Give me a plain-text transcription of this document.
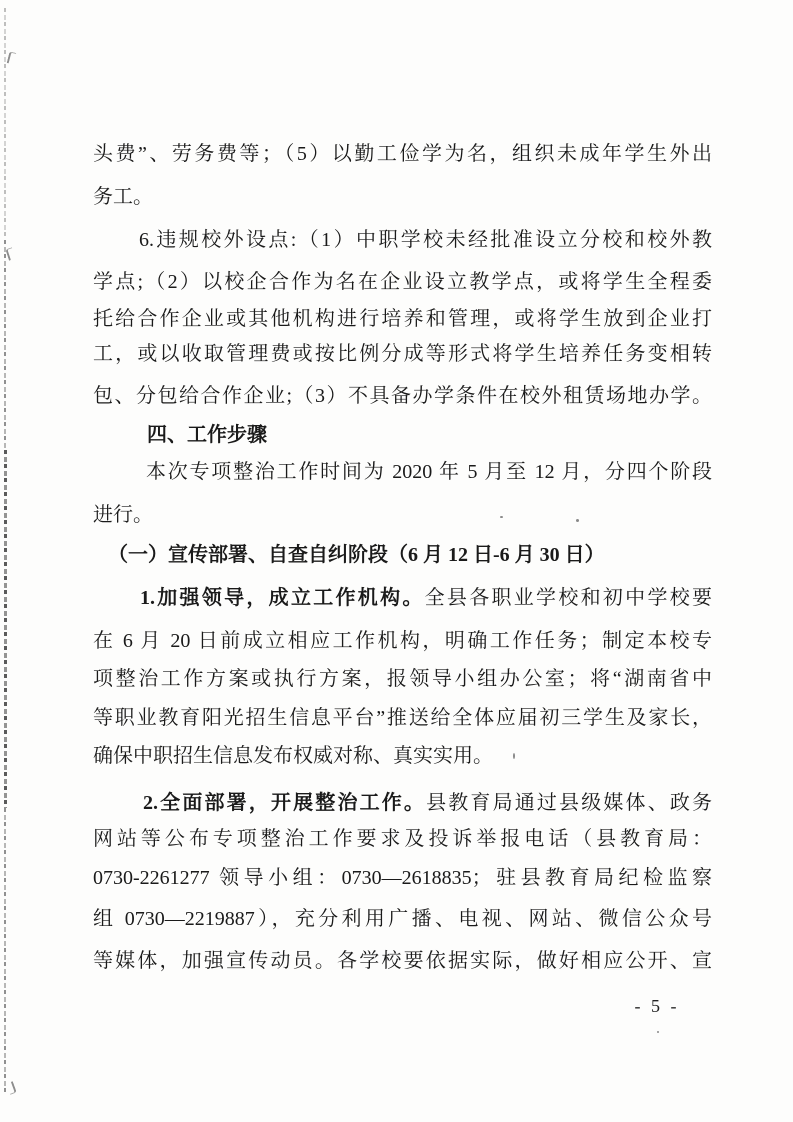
头费”、劳务费等；（5）以勤工俭学为名，组织未成年学生外出
务工。
6.违规校外设点:（1）中职学校未经批准设立分校和校外教
学点;（2）以校企合作为名在企业设立教学点，或将学生全程委
托给合作企业或其他机构进行培养和管理，或将学生放到企业打
工，或以收取管理费或按比例分成等形式将学生培养任务变相转
包、分包给合作企业;（3）不具备办学条件在校外租赁场地办学。
四、工作步骤
本次专项整治工作时间为 2020 年 5 月至 12 月，分四个阶段
进行。
（一）宣传部署、自查自纠阶段（6 月 12 日-6 月 30 日）
1.加强领导，成立工作机构。全县各职业学校和初中学校要
在 6 月 20 日前成立相应工作机构，明确工作任务；制定本校专
项整治工作方案或执行方案，报领导小组办公室；将“湖南省中
等职业教育阳光招生信息平台”推送给全体应届初三学生及家长，
确保中职招生信息发布权威对称、真实实用。
2.全面部署，开展整治工作。县教育局通过县级媒体、政务
网站等公布专项整治工作要求及投诉举报电话（县教育局：
0730-2261277 领导小组：0730—2618835；驻县教育局纪检监察
组 0730—2219887），充分利用广播、电视、网站、微信公众号
等媒体，加强宣传动员。各学校要依据实际，做好相应公开、宣
- 5 -
